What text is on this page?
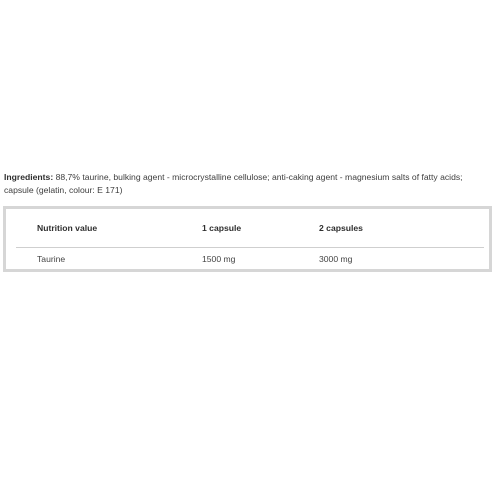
Ingredients: 88,7% taurine, bulking agent - microcrystalline cellulose; anti-caking agent - magnesium salts of fatty acids; capsule (gelatin, colour: E 171)

Nutrition value	1 capsule	2 capsules
Taurine	1500 mg	3000 mg
